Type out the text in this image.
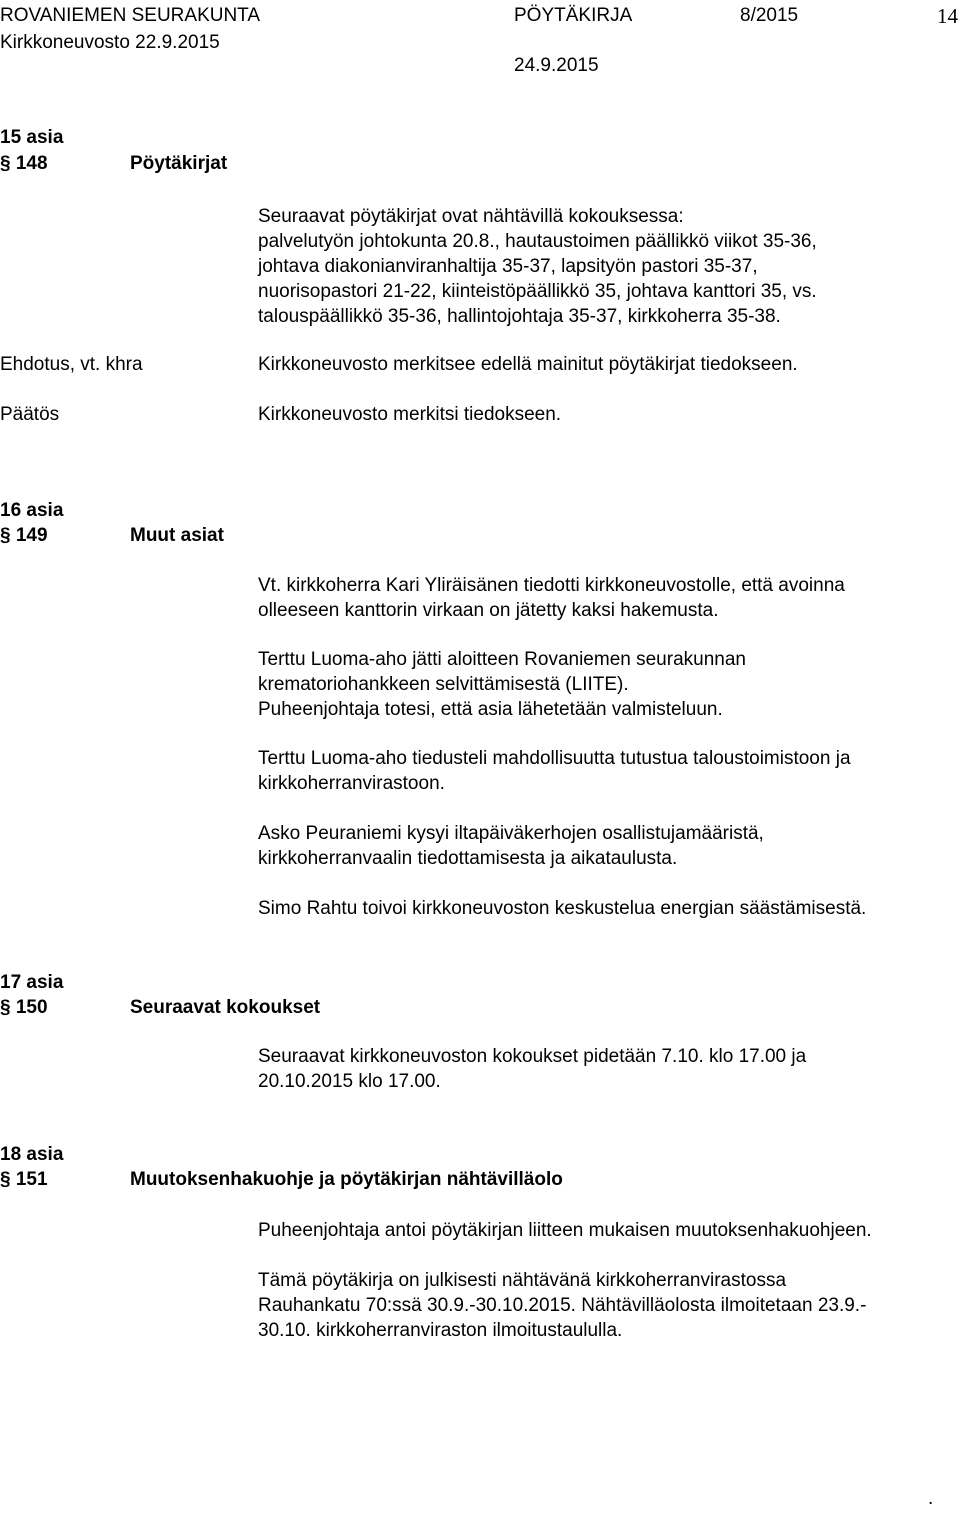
ROVANIEMEN SEURAKUNTA	PÖYTÄKIRJA	8/2015	14
Kirkkoneuvosto 22.9.2015
24.9.2015
15 asia
§ 148	Pöytäkirjat
Seuraavat pöytäkirjat ovat nähtävillä kokouksessa:
palvelutyön johtokunta 20.8., hautaustoimen päällikkö viikot 35-36,
johtava diakonianviranhaltija 35-37, lapsityön pastori 35-37,
nuorisopastori 21-22, kiinteistöpäällikkö 35, johtava kanttori 35, vs.
talouspäällikkö 35-36, hallintojohtaja 35-37, kirkkoherra 35-38.
Ehdotus, vt. khra	Kirkkoneuvosto merkitsee edellä mainitut pöytäkirjat tiedokseen.
Päätös	Kirkkoneuvosto merkitsi tiedokseen.
16 asia
§ 149	Muut asiat
Vt. kirkkoherra Kari Yliräisänen tiedotti kirkkoneuvostolle, että avoinna
olleeseen kanttorin virkaan on jätetty kaksi hakemusta.
Terttu Luoma-aho jätti aloitteen Rovaniemen seurakunnan
krematoriohankkeen selvittämisestä (LIITE).
Puheenjohtaja totesi, että asia lähetetään valmisteluun.
Terttu Luoma-aho tiedusteli mahdollisuutta tutustua taloustoimistoon ja
kirkkoherranvirastoon.
Asko Peuraniemi kysyi iltapäiväkerhojen osallistujamääristä,
kirkkoherranvaalin tiedottamisesta ja aikataulusta.
Simo Rahtu toivoi kirkkoneuvoston keskustelua energian säästämisestä.
17 asia
§ 150	Seuraavat kokoukset
Seuraavat kirkkoneuvoston kokoukset pidetään 7.10. klo 17.00 ja
20.10.2015 klo 17.00.
18 asia
§ 151	Muutoksenhakuohje ja pöytäkirjan nähtävilläolo
Puheenjohtaja antoi pöytäkirjan liitteen mukaisen muutoksenhakuohjeen.
Tämä pöytäkirja on julkisesti nähtävänä kirkkoherranvirastossa
Rauhankatu 70:ssä 30.9.-30.10.2015. Nähtävilläolosta ilmoitetaan 23.9.-
30.10. kirkkoherranviraston ilmoitustaululla.
.
